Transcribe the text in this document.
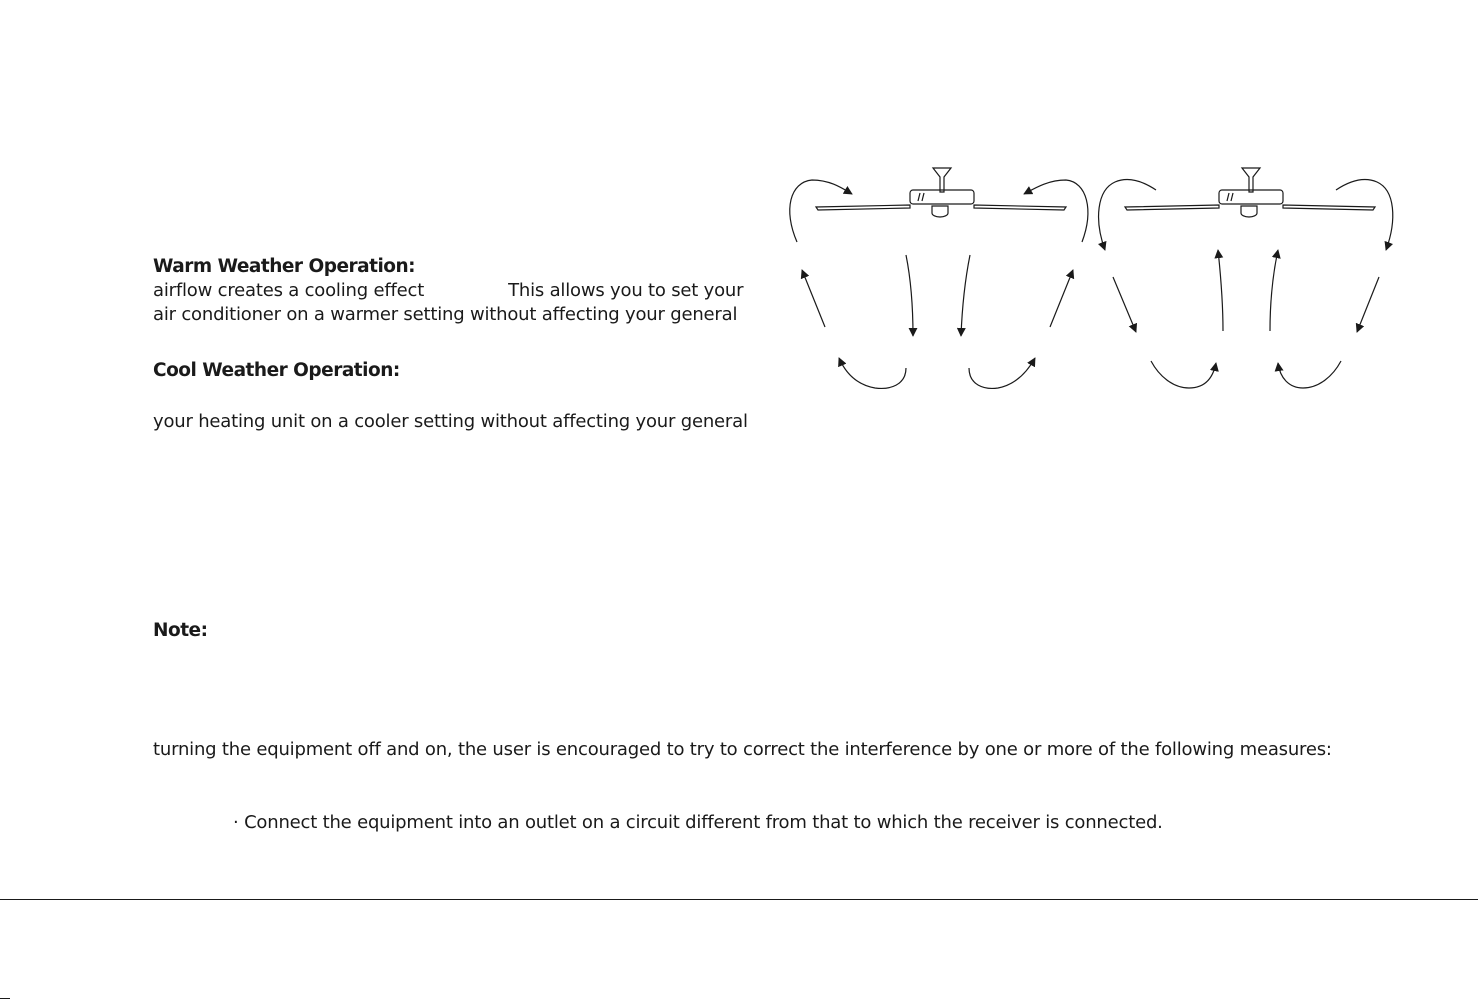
Warm Weather Operation:
airflow creates a cooling effect	This allows you to set your
air conditioner on a warmer setting without affecting your general
Cool Weather Operation:
your heating unit on a cooler setting without affecting your general
Note:
turning the equipment off and on, the user is encouraged to try to correct the interference by one or more of the following measures:
· Connect the equipment into an outlet on a circuit different from that to which the receiver is connected.
